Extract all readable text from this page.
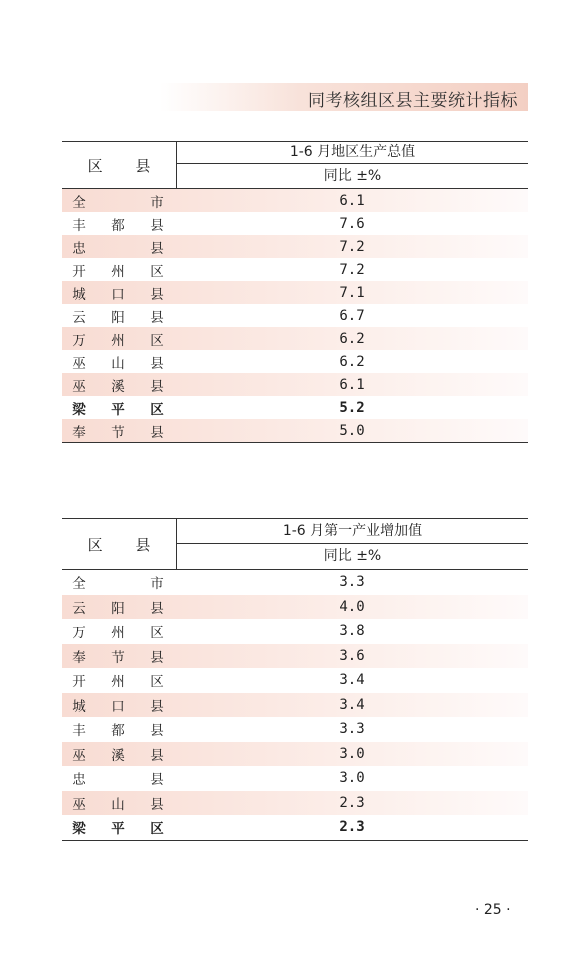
同考核组区县主要统计指标
区 县
1-6 月地区生产总值
同比 ±%
全	市	6.1
丰 都 县	7.6
忠	县	7.2
开 州 区	7.2
城 口 县	7.1
云 阳 县	6.7
万 州 区	6.2
巫 山 县	6.2
巫 溪 县	6.1
梁 平 区	5.2
奉 节 县	5.0
区 县
1-6 月第一产业增加值
同比 ±%
全	市	3.3
云 阳 县	4.0
万 州 区	3.8
奉 节 县	3.6
开 州 区	3.4
城 口 县	3.4
丰 都 县	3.3
巫 溪 县	3.0
忠	县	3.0
巫 山 县	2.3
梁 平 区	2.3
· 25 ·
